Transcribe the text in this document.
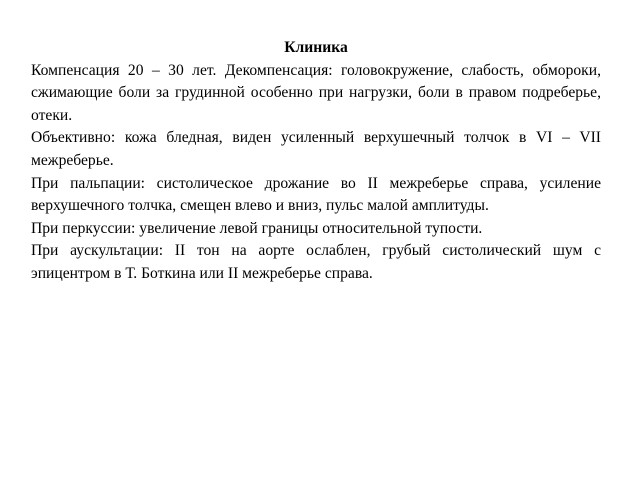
Клиника

Компенсация 20 – 30 лет. Декомпенсация: головокружение, слабость, обмороки, сжимающие боли за грудинной особенно при нагрузки, боли в правом подреберье, отеки.

Объективно: кожа бледная, виден усиленный верхушечный толчок в VI – VII межреберье.

При пальпации: систолическое дрожание во II межреберье справа, усиление верхушечного толчка, смещен влево и вниз, пульс малой амплитуды.

При перкуссии: увеличение левой границы относительной тупости.

При аускультации: II тон на аорте ослаблен, грубый систолический шум с эпицентром в Т. Боткина или II межреберье справа.
